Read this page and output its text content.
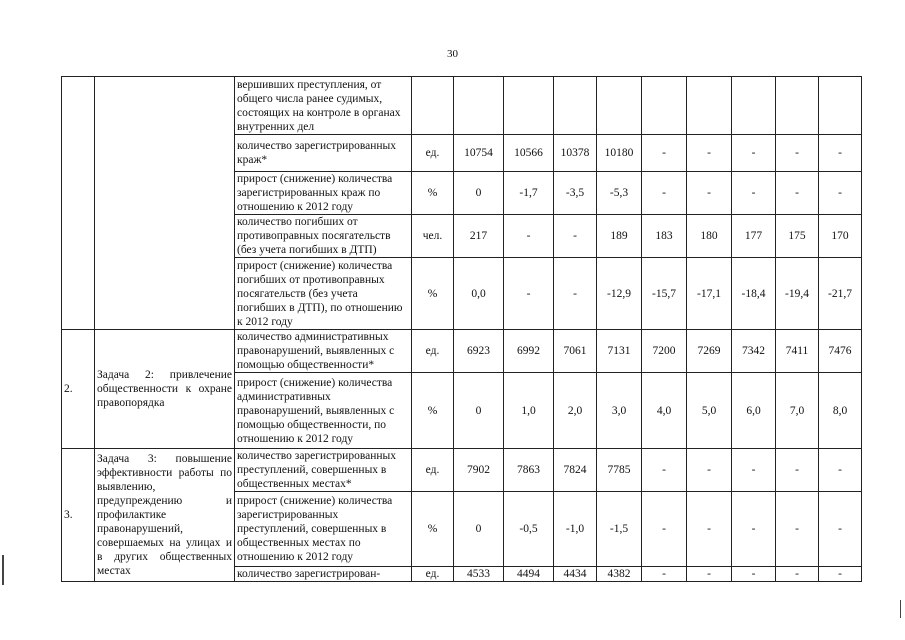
30
		вершивших преступления, от общего числа ранее судимых, состоящих на контроле в органах внутренних дел										
		количество зарегистрированных краж*	ед.	10754	10566	10378	10180	-	-	-	-	-
		прирост (снижение) количества зарегистрированных краж по отношению к 2012 году	%	0	-1,7	-3,5	-5,3	-	-	-	-	-
		количество погибших от противоправных посягательств (без учета погибших в ДТП)	чел.	217	-	-	189	183	180	177	175	170
		прирост (снижение) количества погибших от противоправных посягательств (без учета погибших в ДТП), по отношению к 2012 году	%	0,0	-	-	-12,9	-15,7	-17,1	-18,4	-19,4	-21,7
2.	Задача 2: привлечение общественности к охране правопорядка	количество административных правонарушений, выявленных с помощью общественности*	ед.	6923	6992	7061	7131	7200	7269	7342	7411	7476
		прирост (снижение) количества административных правонарушений, выявленных с помощью общественности, по отношению к 2012 году	%	0	1,0	2,0	3,0	4,0	5,0	6,0	7,0	8,0
3.	Задача 3: повышение эффективности работы по выявлению, предупреждению и профилактике правонарушений, совершаемых на улицах и в других общественных местах	количество зарегистрированных преступлений, совершенных в общественных местах*	ед.	7902	7863	7824	7785	-	-	-	-	-
		прирост (снижение) количества зарегистрированных преступлений, совершенных в общественных местах по отношению к 2012 году	%	0	-0,5	-1,0	-1,5	-	-	-	-	-
		количество зарегистрирован-	ед.	4533	4494	4434	4382	-	-	-	-	-
